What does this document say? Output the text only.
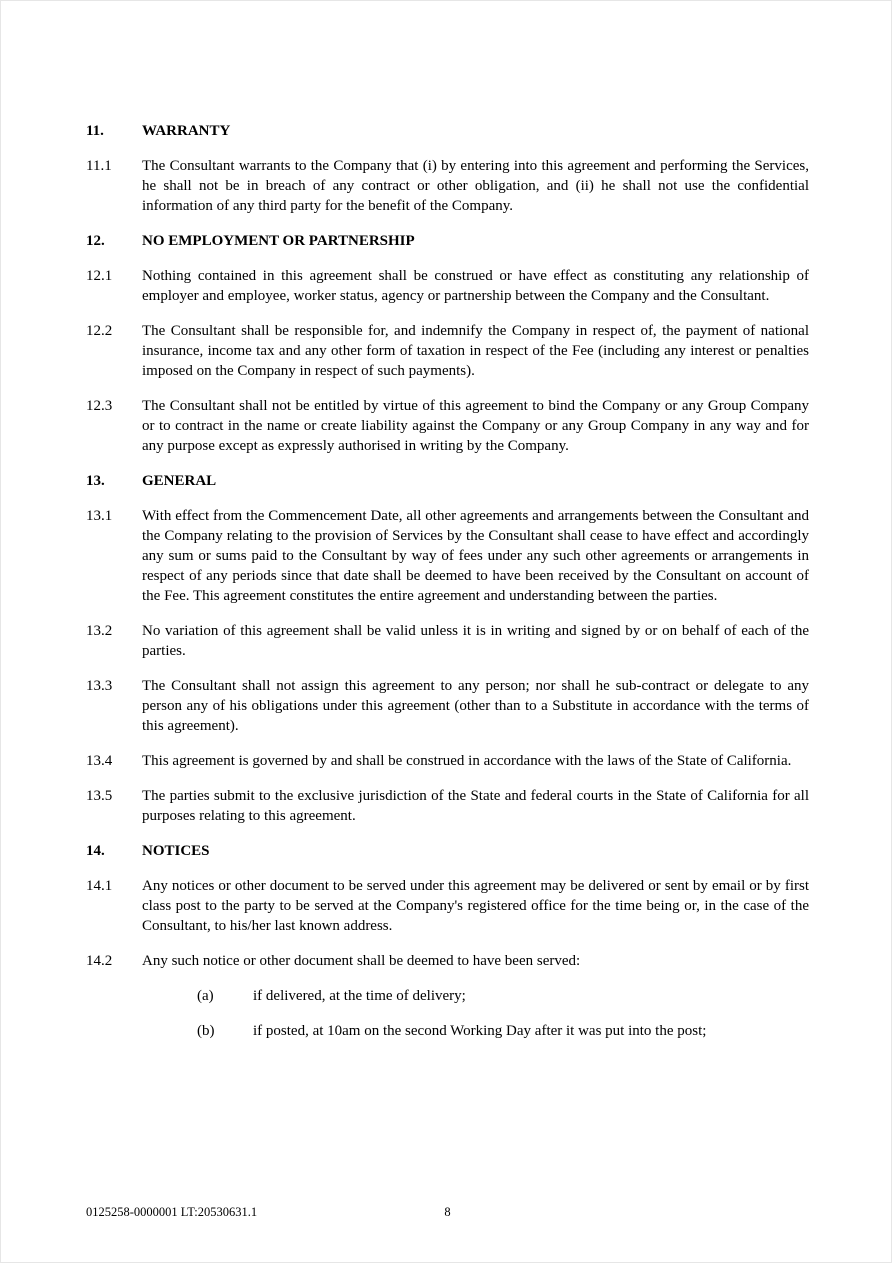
11.	WARRANTY
11.1	The Consultant warrants to the Company that (i) by entering into this agreement and performing the Services, he shall not be in breach of any contract or other obligation, and (ii) he shall not use the confidential information of any third party for the benefit of the Company.
12.	NO EMPLOYMENT OR PARTNERSHIP
12.1	Nothing contained in this agreement shall be construed or have effect as constituting any relationship of employer and employee, worker status, agency or partnership between the Company and the Consultant.
12.2	The Consultant shall be responsible for, and indemnify the Company in respect of, the payment of national insurance, income tax and any other form of taxation in respect of the Fee (including any interest or penalties imposed on the Company in respect of such payments).
12.3	The Consultant shall not be entitled by virtue of this agreement to bind the Company or any Group Company or to contract in the name or create liability against the Company or any Group Company in any way and for any purpose except as expressly authorised in writing by the Company.
13.	GENERAL
13.1	With effect from the Commencement Date, all other agreements and arrangements between the Consultant and the Company relating to the provision of Services by the Consultant shall cease to have effect and accordingly any sum or sums paid to the Consultant by way of fees under any such other agreements or arrangements in respect of any periods since that date shall be deemed to have been received by the Consultant on account of the Fee. This agreement constitutes the entire agreement and understanding between the parties.
13.2	No variation of this agreement shall be valid unless it is in writing and signed by or on behalf of each of the parties.
13.3	The Consultant shall not assign this agreement to any person; nor shall he sub-contract or delegate to any person any of his obligations under this agreement (other than to a Substitute in accordance with the terms of this agreement).
13.4	This agreement is governed by and shall be construed in accordance with the laws of the State of California.
13.5	The parties submit to the exclusive jurisdiction of the State and federal courts in the State of California for all purposes relating to this agreement.
14.	NOTICES
14.1	Any notices or other document to be served under this agreement may be delivered or sent by email or by first class post to the party to be served at the Company's registered office for the time being or, in the case of the Consultant, to his/her last known address.
14.2	Any such notice or other document shall be deemed to have been served:
(a)	if delivered, at the time of delivery;
(b)	if posted, at 10am on the second Working Day after it was put into the post;
0125258-0000001 LT:20530631.1	8
